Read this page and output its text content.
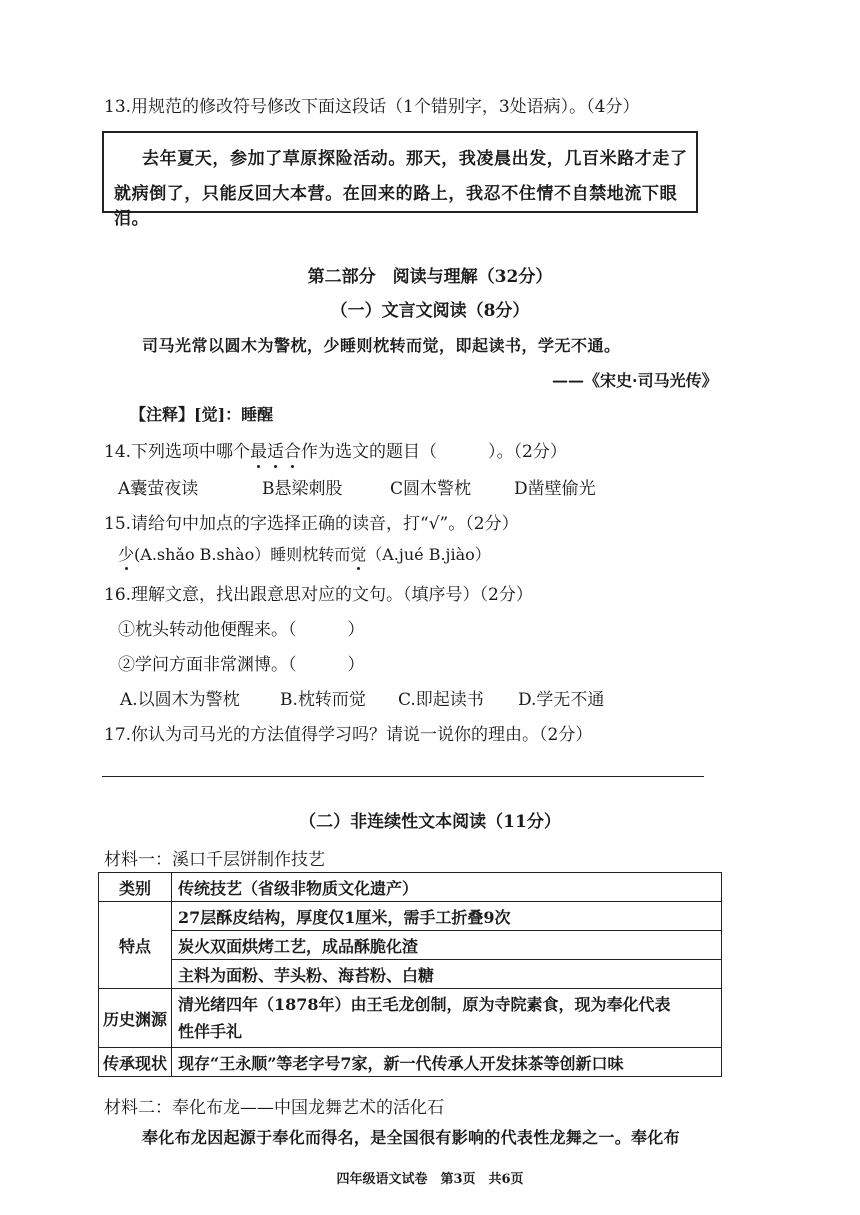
13.用规范的修改符号修改下面这段话（1个错别字，3处语病）。（4分）
去年夏天，参加了草原探险活动。那天，我凌晨出发，几百米路才走了
就病倒了，只能反回大本营。在回来的路上，我忍不住情不自禁地流下眼泪。
第二部分　阅读与理解（32分）
（一）文言文阅读（8分）
司马光常以圆木为警枕，少睡则枕转而觉，即起读书，学无不通。
——《宋史·司马光传》
【注释】[觉]：睡醒
14.下列选项中哪个最适合作为选文的题目（　　　）。（2分）
A囊萤夜读	B悬梁刺股	C圆木警枕	D凿壁偷光
15.请给句中加点的字选择正确的读音，打“√”。（2分）
少(A.shǎo B.shào）睡则枕转而觉（A.jué B.jiào）
16.理解文意，找出跟意思对应的文句。（填序号）（2分）
①枕头转动他便醒来。（　　　）
②学问方面非常渊博。（　　　）
A.以圆木为警枕 B.枕转而觉 C.即起读书 D.学无不通
17.你认为司马光的方法值得学习吗？请说一说你的理由。（2分）
（二）非连续性文本阅读（11分）
材料一：溪口千层饼制作技艺
类别	传统技艺（省级非物质文化遗产）
特点	27层酥皮结构，厚度仅1厘米，需手工折叠9次
	炭火双面烘烤工艺，成品酥脆化渣
	主料为面粉、芋头粉、海苔粉、白糖
历史渊源	清光绪四年（1878年）由王毛龙创制，原为寺院素食，现为奉化代表
性伴手礼

传承现状	现存“王永顺”等老字号7家，新一代传承人开发抹茶等创新口味
材料二：奉化布龙——中国龙舞艺术的活化石
奉化布龙因起源于奉化而得名，是全国很有影响的代表性龙舞之一。奉化布
四年级语文试卷　第3页　共6页
